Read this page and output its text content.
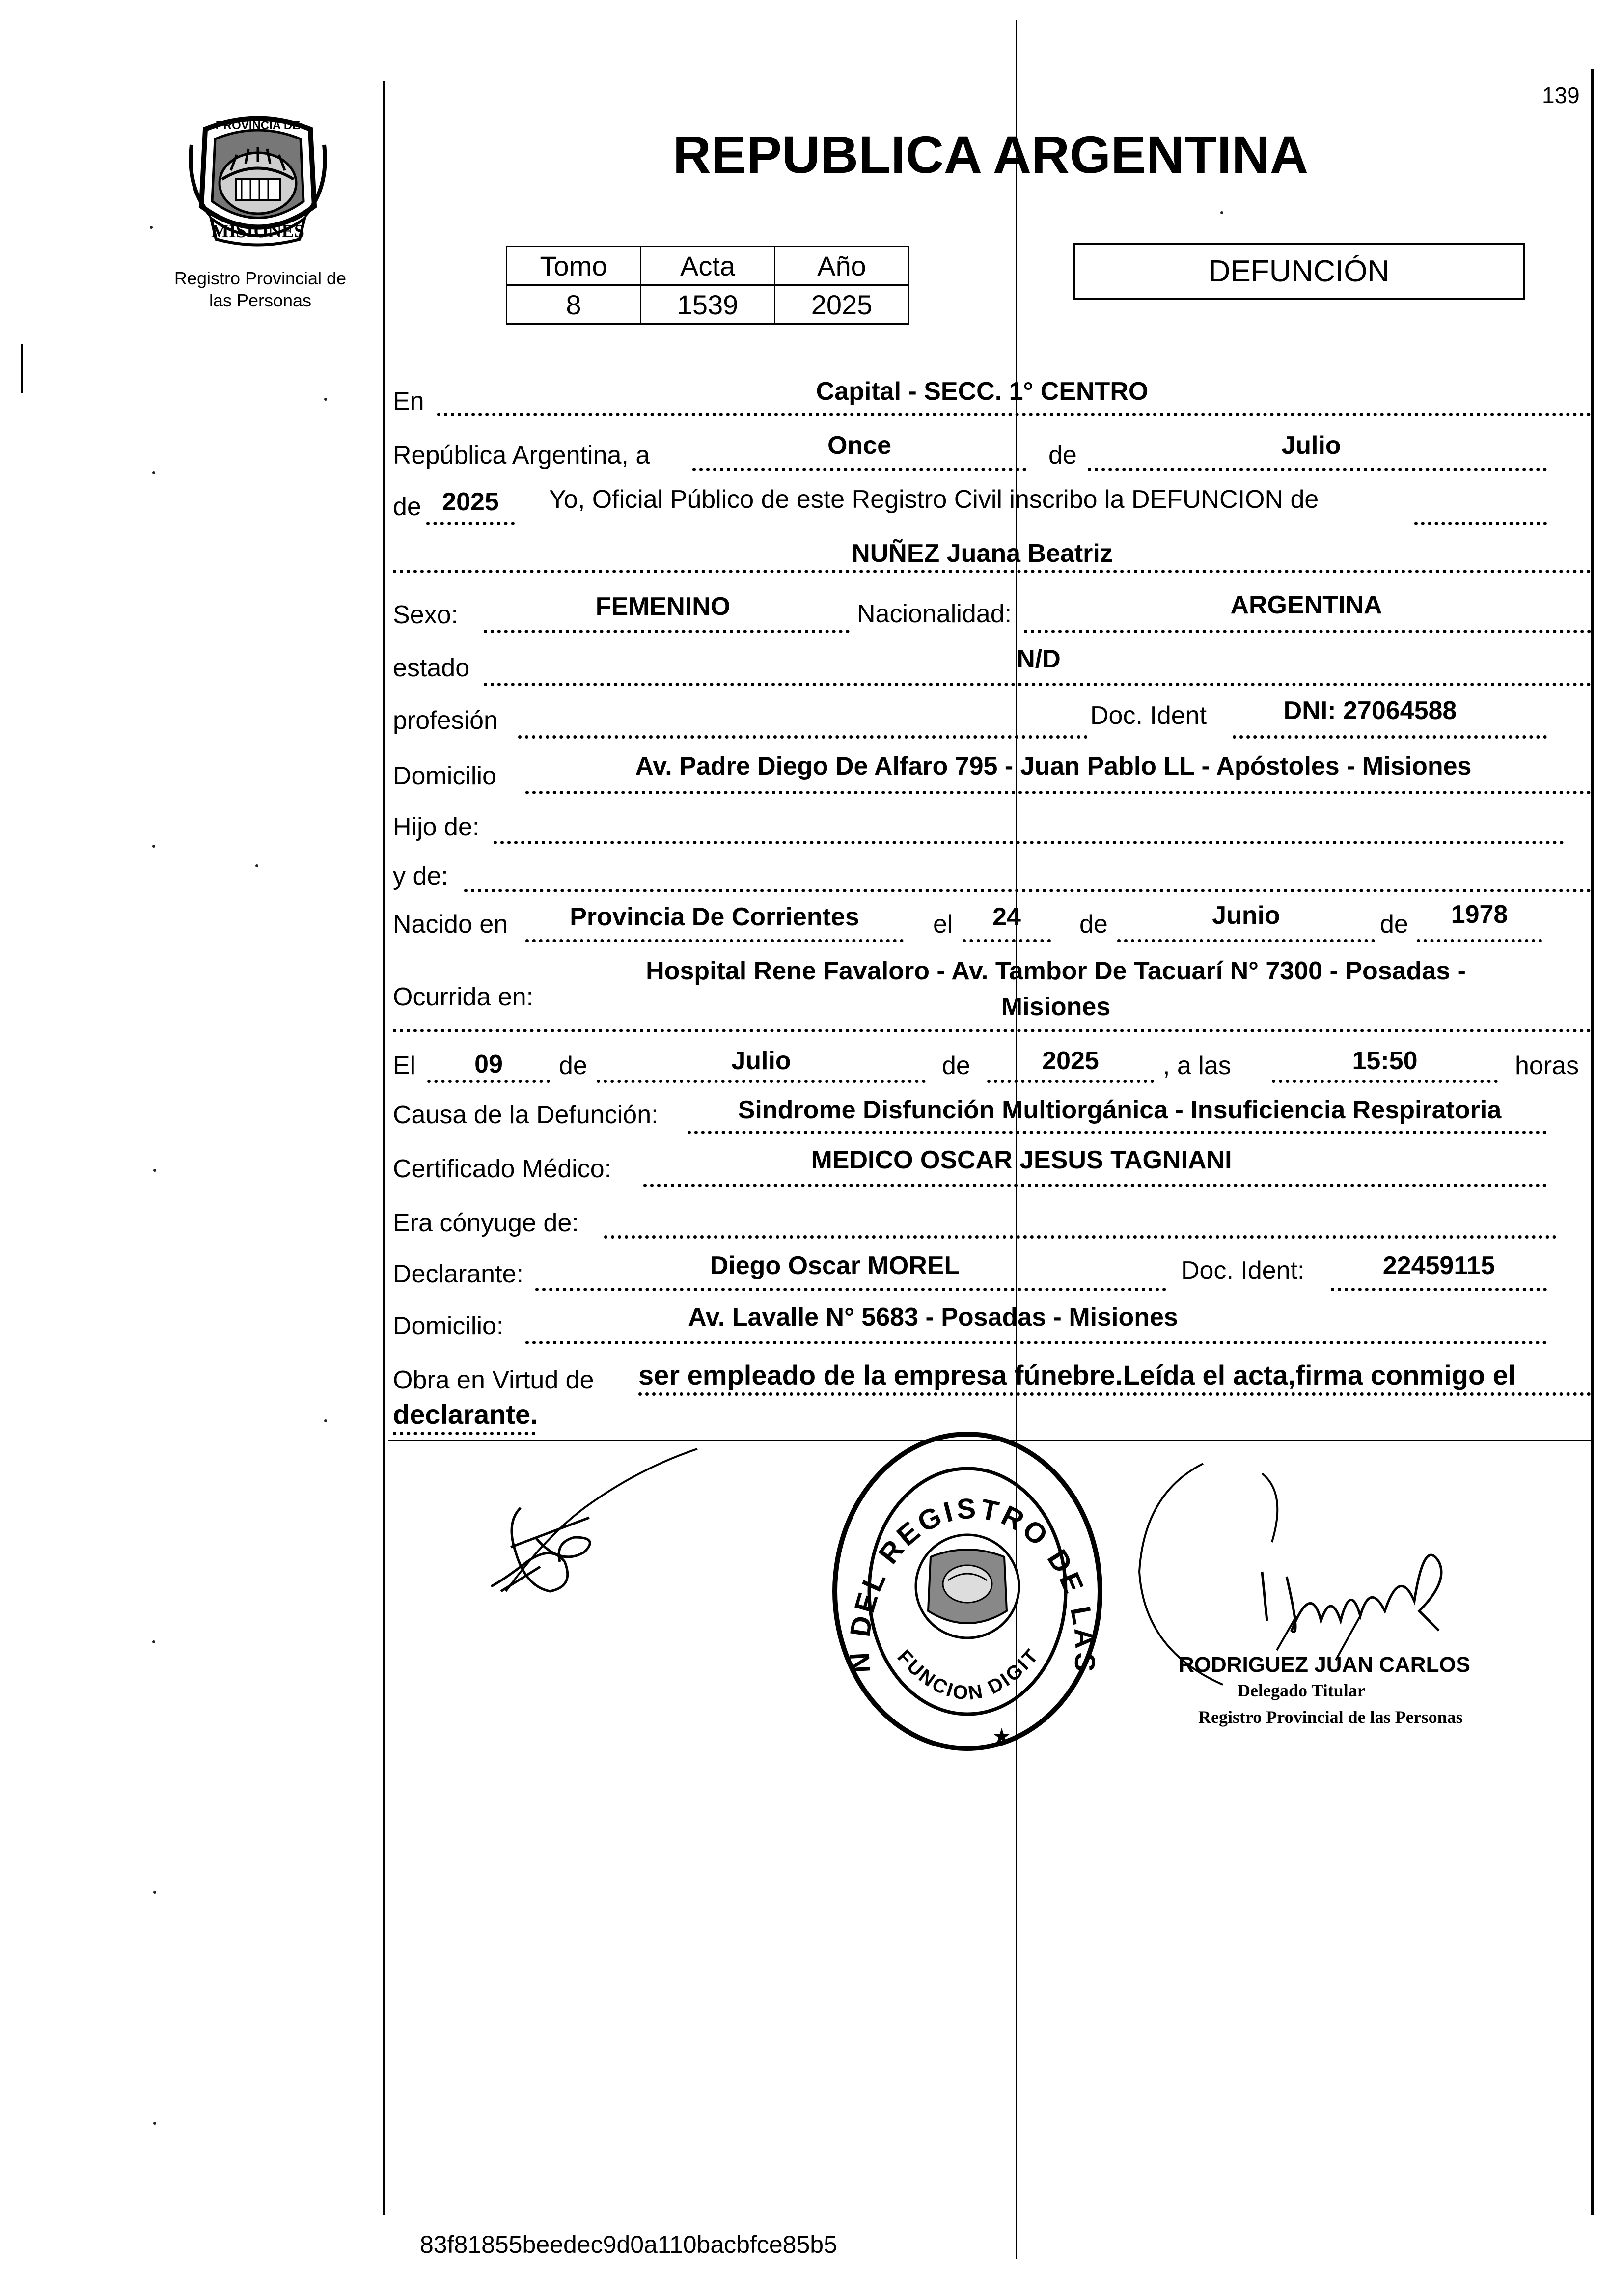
139
PROVINCIA DE
MISIONES
Registro Provincial de
las Personas
REPUBLICA ARGENTINA
Tomo	Acta	Año
8	1539	2025
DEFUNCIÓN
En	Capital - SECC. 1° CENTRO
República Argentina, a	Once	de	Julio
de 2025	Yo, Oficial Público de este Registro Civil inscribo la DEFUNCION de
NUÑEZ Juana Beatriz
Sexo:	FEMENINO	Nacionalidad:	ARGENTINA
estado	N/D
profesión	Doc. Ident	DNI: 27064588
Domicilio	Av. Padre Diego De Alfaro 795 - Juan Pablo LL - Apóstoles - Misiones
Hijo de:
y de:
Nacido en	Provincia De Corrientes	el	24	de	Junio	de	1978
Ocurrida en:
Hospital Rene Favaloro - Av. Tambor De Tacuarí N° 7300 - Posadas -
Misiones
El	09	de	Julio	de	2025	, a las	15:50	horas
Causa de la Defunción:	Sindrome Disfunción Multiorgánica - Insuficiencia Respiratoria
Certificado Médico:	MEDICO OSCAR JESUS TAGNIANI
Era cónyuge de:
Declarante:	Diego Oscar MOREL	Doc. Ident:	22459115
Domicilio:	Av. Lavalle N° 5683 - Posadas - Misiones
Obra en Virtud de ser empleado de la empresa fúnebre.Leída el acta,firma conmigo el
declarante.
N DEL REGISTRO DE LAS
FUNCION DIGIT
★
RODRIGUEZ JUAN CARLOS
Delegado Titular
Registro Provincial de las Personas
83f81855beedec9d0a110bacbfce85b5
